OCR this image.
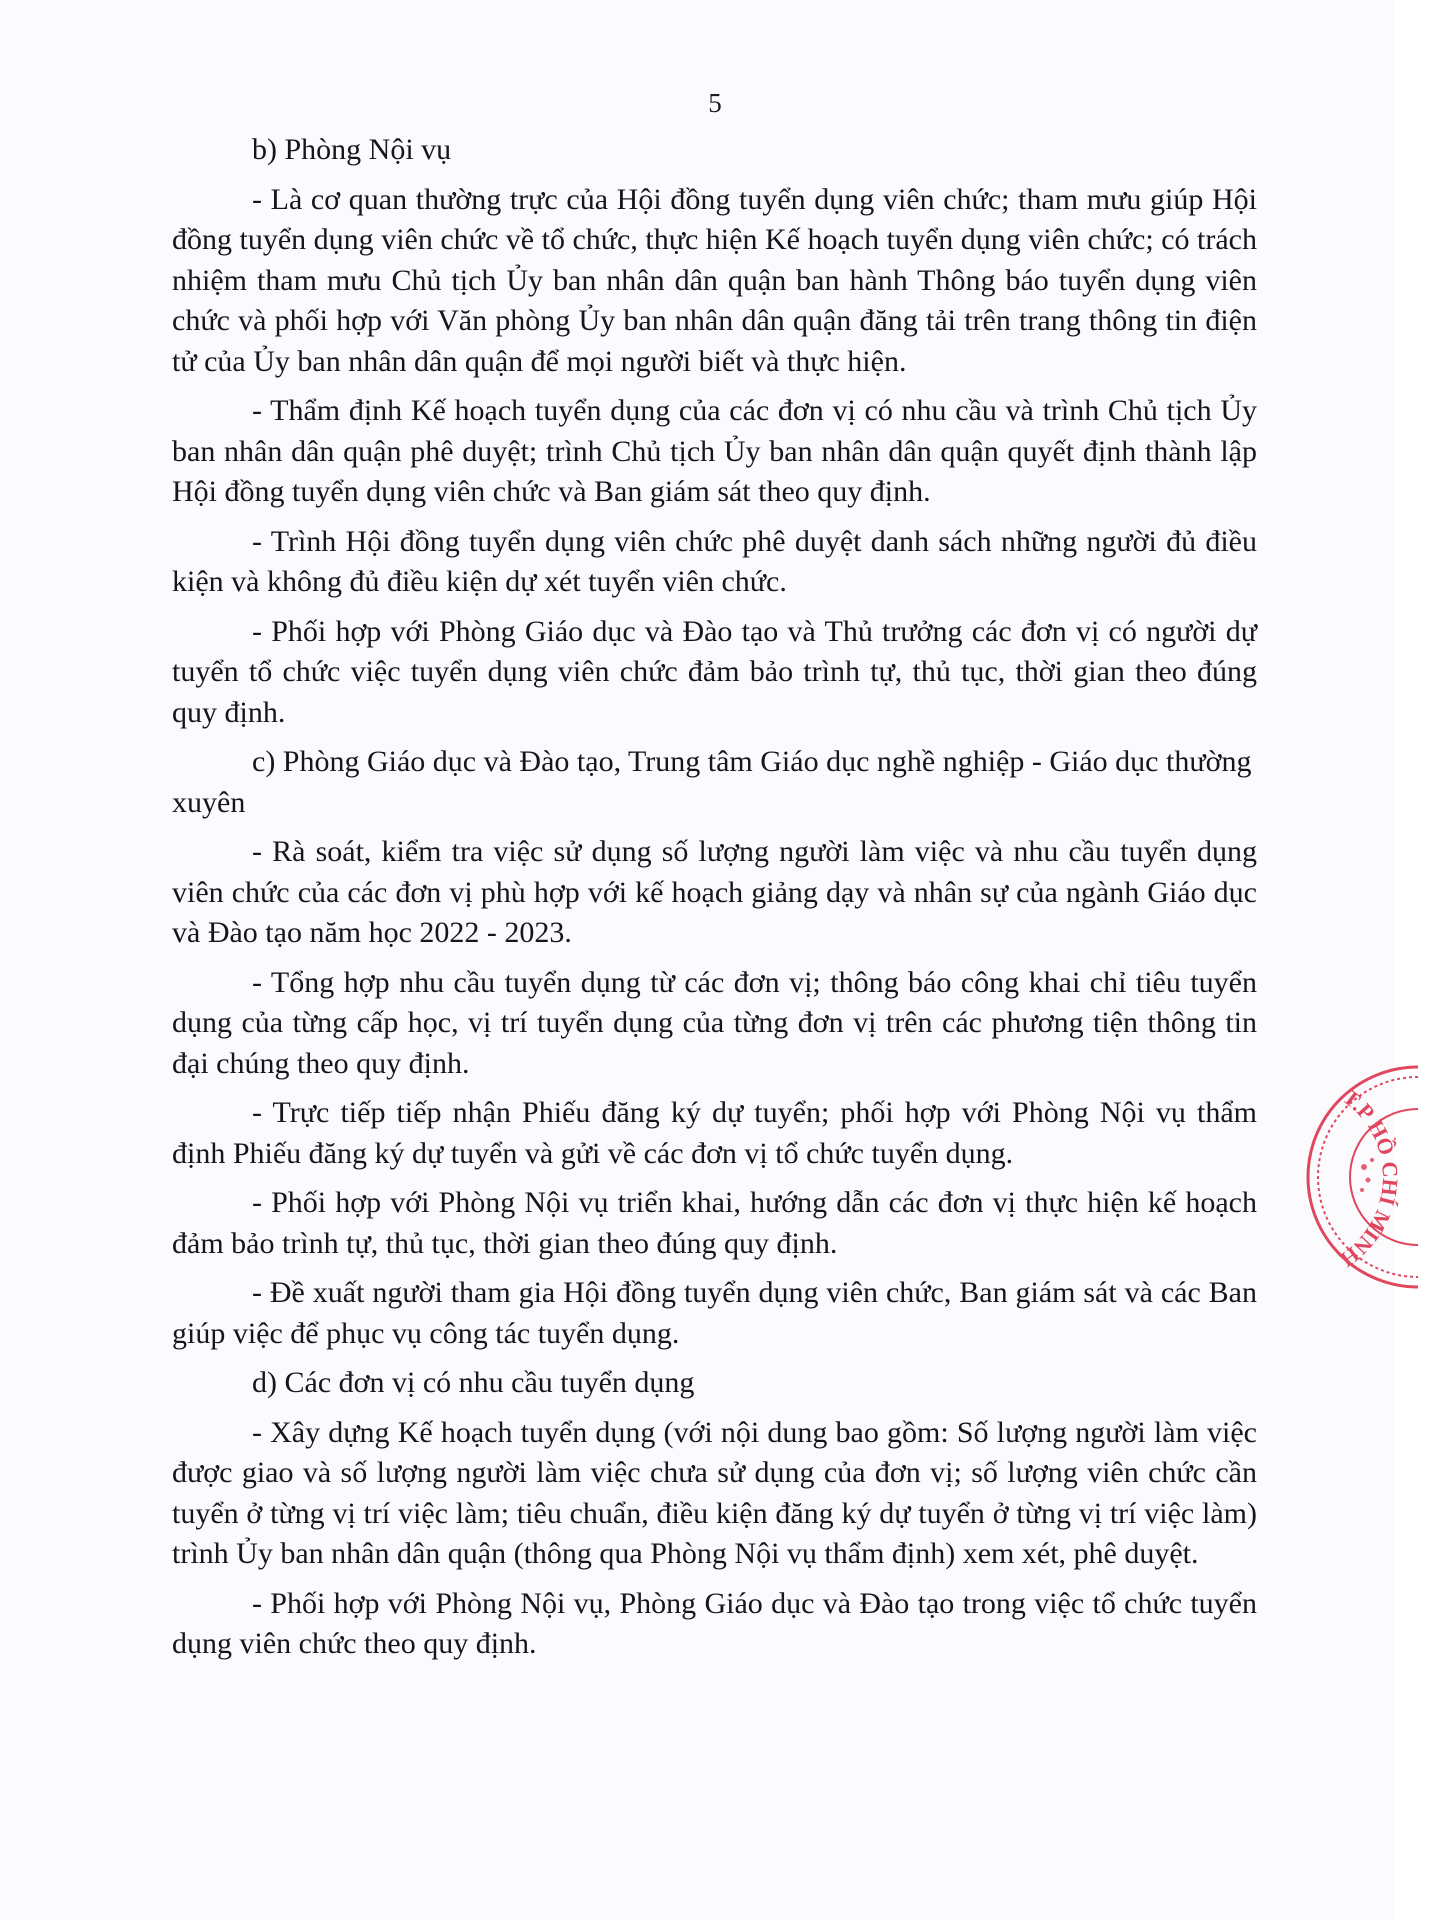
5

b) Phòng Nội vụ

- Là cơ quan thường trực của Hội đồng tuyển dụng viên chức; tham mưu giúp Hội đồng tuyển dụng viên chức về tổ chức, thực hiện Kế hoạch tuyển dụng viên chức; có trách nhiệm tham mưu Chủ tịch Ủy ban nhân dân quận ban hành Thông báo tuyển dụng viên chức và phối hợp với Văn phòng Ủy ban nhân dân quận đăng tải trên trang thông tin điện tử của Ủy ban nhân dân quận để mọi người biết và thực hiện.

- Thẩm định Kế hoạch tuyển dụng của các đơn vị có nhu cầu và trình Chủ tịch Ủy ban nhân dân quận phê duyệt; trình Chủ tịch Ủy ban nhân dân quận quyết định thành lập Hội đồng tuyển dụng viên chức và Ban giám sát theo quy định.

- Trình Hội đồng tuyển dụng viên chức phê duyệt danh sách những người đủ điều kiện và không đủ điều kiện dự xét tuyển viên chức.

- Phối hợp với Phòng Giáo dục và Đào tạo và Thủ trưởng các đơn vị có người dự tuyển tổ chức việc tuyển dụng viên chức đảm bảo trình tự, thủ tục, thời gian theo đúng quy định.

c) Phòng Giáo dục và Đào tạo, Trung tâm Giáo dục nghề nghiệp - Giáo dục thường xuyên

- Rà soát, kiểm tra việc sử dụng số lượng người làm việc và nhu cầu tuyển dụng viên chức của các đơn vị phù hợp với kế hoạch giảng dạy và nhân sự của ngành Giáo dục và Đào tạo năm học 2022 - 2023.

- Tổng hợp nhu cầu tuyển dụng từ các đơn vị; thông báo công khai chỉ tiêu tuyển dụng của từng cấp học, vị trí tuyển dụng của từng đơn vị trên các phương tiện thông tin đại chúng theo quy định.

- Trực tiếp tiếp nhận Phiếu đăng ký dự tuyển; phối hợp với Phòng Nội vụ thẩm định Phiếu đăng ký dự tuyển và gửi về các đơn vị tổ chức tuyển dụng.

- Phối hợp với Phòng Nội vụ triển khai, hướng dẫn các đơn vị thực hiện kế hoạch đảm bảo trình tự, thủ tục, thời gian theo đúng quy định.

- Đề xuất người tham gia Hội đồng tuyển dụng viên chức, Ban giám sát và các Ban giúp việc để phục vụ công tác tuyển dụng.

d) Các đơn vị có nhu cầu tuyển dụng

- Xây dựng Kế hoạch tuyển dụng (với nội dung bao gồm: Số lượng người làm việc được giao và số lượng người làm việc chưa sử dụng của đơn vị; số lượng viên chức cần tuyển ở từng vị trí việc làm; tiêu chuẩn, điều kiện đăng ký dự tuyển ở từng vị trí việc làm) trình Ủy ban nhân dân quận (thông qua Phòng Nội vụ thẩm định) xem xét, phê duyệt.

- Phối hợp với Phòng Nội vụ, Phòng Giáo dục và Đào tạo trong việc tổ chức tuyển dụng viên chức theo quy định.

T.P HỒ CHÍ MINH
